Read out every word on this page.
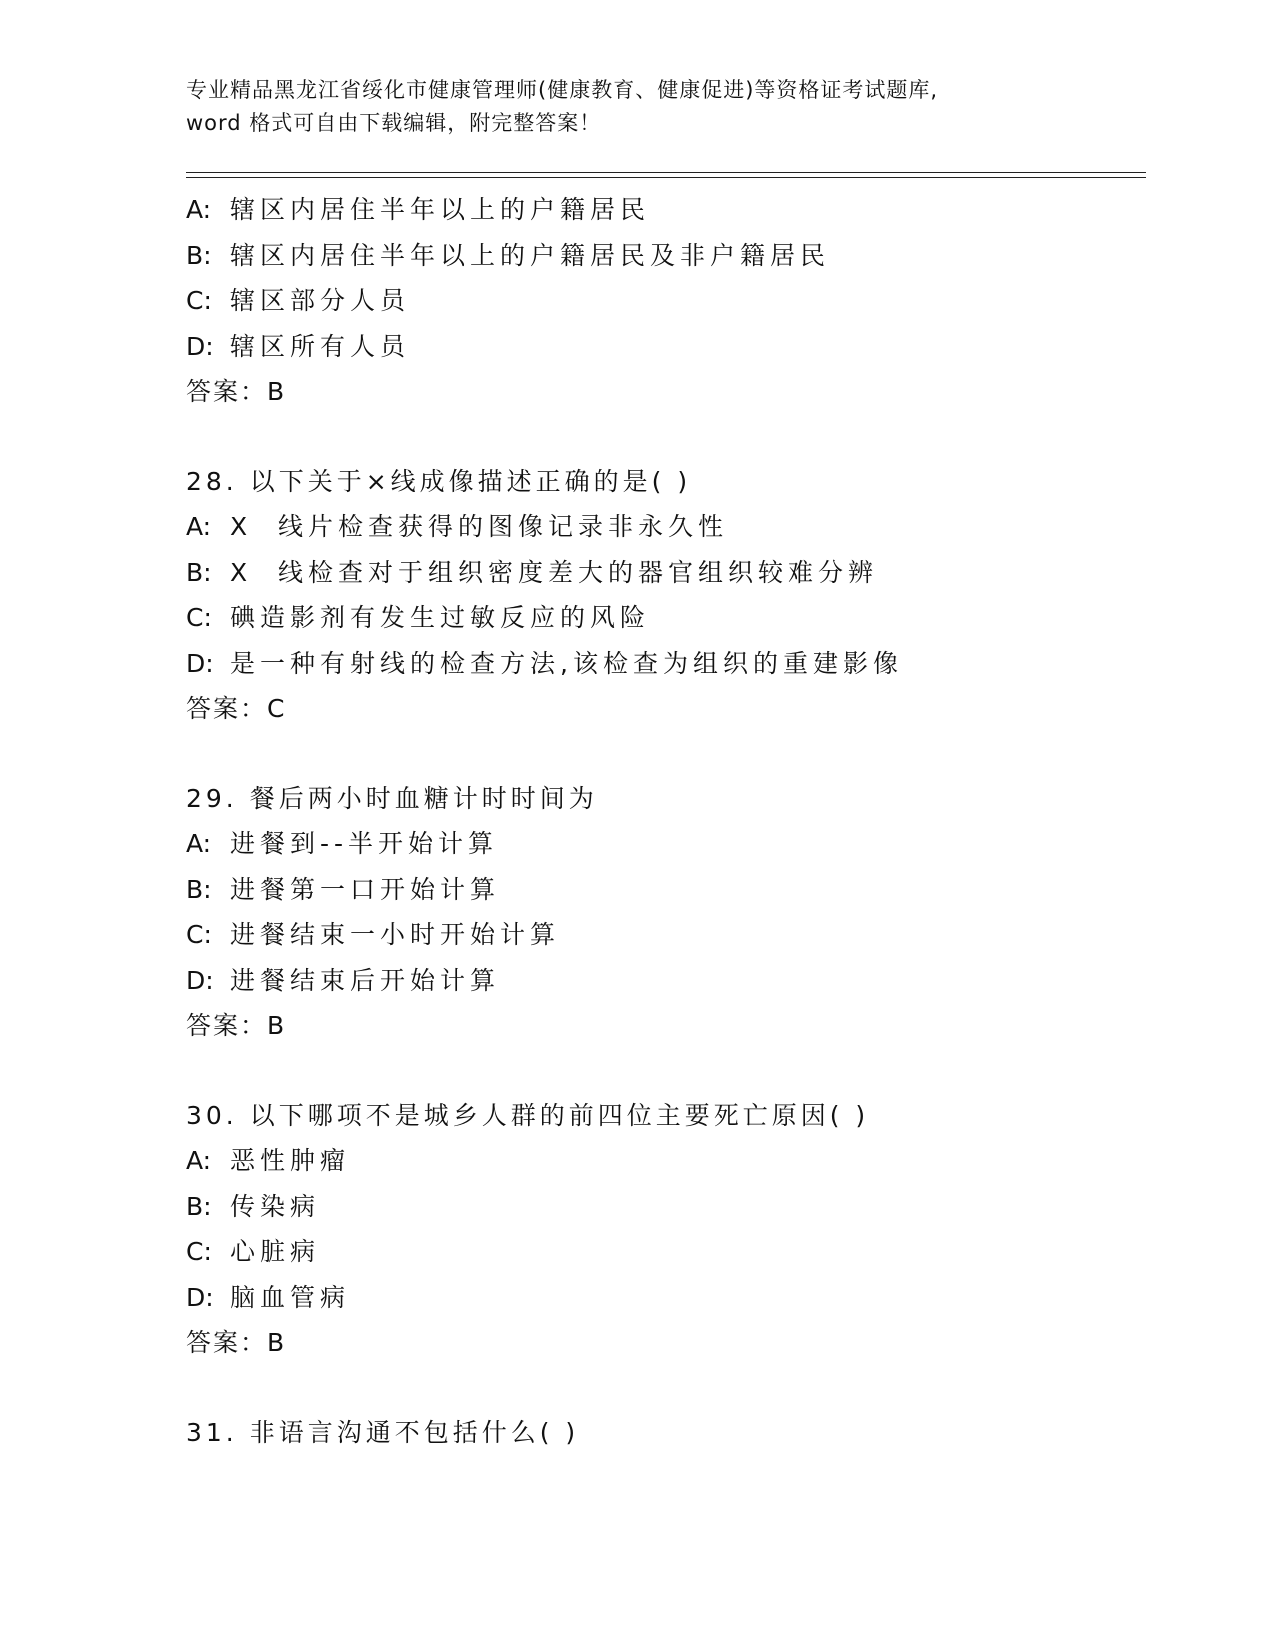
专业精品黑龙江省绥化市健康管理师(健康教育、健康促进)等资格证考试题库,
word 格式可自由下载编辑，附完整答案！
A: 辖区内居住半年以上的户籍居民
B: 辖区内居住半年以上的户籍居民及非户籍居民
C: 辖区部分人员
D: 辖区所有人员
答案：B
28. 以下关于×线成像描述正确的是( )
A: X  线片检查获得的图像记录非永久性
B: X  线检查对于组织密度差大的器官组织较难分辨
C: 碘造影剂有发生过敏反应的风险
D: 是一种有射线的检查方法,该检查为组织的重建影像
答案：C
29. 餐后两小时血糖计时时间为
A: 进餐到--半开始计算
B: 进餐第一口开始计算
C: 进餐结束一小时开始计算
D: 进餐结束后开始计算
答案：B
30. 以下哪项不是城乡人群的前四位主要死亡原因( )
A: 恶性肿瘤
B: 传染病
C: 心脏病
D: 脑血管病
答案：B
31. 非语言沟通不包括什么( )
